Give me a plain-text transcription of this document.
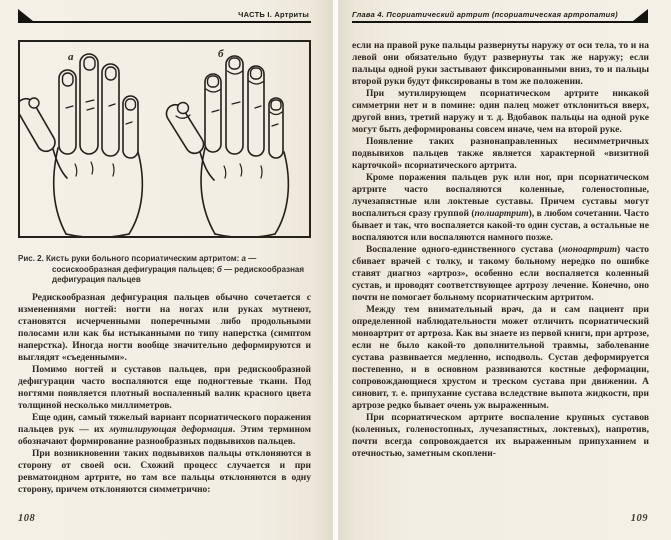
ЧАСТЬ I. Артриты
а	б

Рис. 2. Кисть руки больного псориатическим артритом: а — сосискообразная дефигурация пальцев; б — редискообразная дефигурация пальцев

Редискообразная дефигурация пальцев обычно сочетается с изменениями ногтей: ногти на ногах или руках мутнеют, становятся исчерченными поперечными либо продольными полосами или как бы истыканными по типу наперстка (симптом наперстка). Иногда ногти вообще значительно деформируются и выглядят «съеденными».

Помимо ногтей и суставов пальцев, при редискообразной дефигурации часто воспаляются еще подногтевые ткани. Под ногтями появляется плотный воспаленный валик красного цвета толщиной несколько миллиметров.

Еще один, самый тяжелый вариант псориатического поражения пальцев рук — их мутилирующая деформация. Этим термином обозначают формирование разнообразных подвывихов пальцев.

При возникновении таких подвывихов пальцы отклоняются в сторону от своей оси. Схожий процесс случается и при ревматоидном артрите, но там все пальцы отклоняются в одну сторону, причем отклоняются симметрично:

108
Глава 4. Псориатический артрит (псориатическая артропатия)

если на правой руке пальцы развернуты наружу от оси тела, то и на левой они обязательно будут развернуты так же наружу; если пальцы одной руки застывают фиксированными вниз, то и пальцы второй руки будут фиксированы в том же положении.

При мутилирующем псориатическом артрите никакой симметрии нет и в помине: один палец может отклониться вверх, другой вниз, третий наружу и т. д. Вдобавок пальцы на одной руке могут быть деформированы совсем иначе, чем на второй руке.

Появление таких разнонаправленных несимметричных подвывихов пальцев также является характерной «визитной карточкой» псориатического артрита.

Кроме поражения пальцев рук или ног, при псориатическом артрите часто воспаляются коленные, голеностопные, лучезапястные или локтевые суставы. Причем суставы могут воспалиться сразу группой (полиартрит), в любом сочетании. Часто бывает и так, что воспаляется какой-то один сустав, а остальные не воспаляются или воспаляются намного позже.

Воспаление одного-единственного сустава (моноартрит) часто сбивает врачей с толку, и такому больному нередко по ошибке ставят диагноз «артроз», особенно если воспаляется коленный сустав, и проводят соответствующее артрозу лечение. Конечно, оно почти не помогает больному псориатическим артритом.

Между тем внимательный врач, да и сам пациент при определенной наблюдательности может отличить псориатический моноартрит от артроза. Как вы знаете из первой книги, при артрозе, если не было какой-то дополнительной травмы, заболевание сустава развивается медленно, исподволь. Сустав деформируется постепенно, и в основном развиваются костные деформации, сопровождающиеся хрустом и треском сустава при движении. А синовит, т. е. припухание сустава вследствие выпота жидкости, при артрозе редко бывает очень уж выраженным.

При псориатическом артрите воспаление крупных суставов (коленных, голеностопных, лучезапястных, локтевых), напротив, почти всегда сопровождается их выраженным припуханием и отечностью, заметным скоплени-

109
